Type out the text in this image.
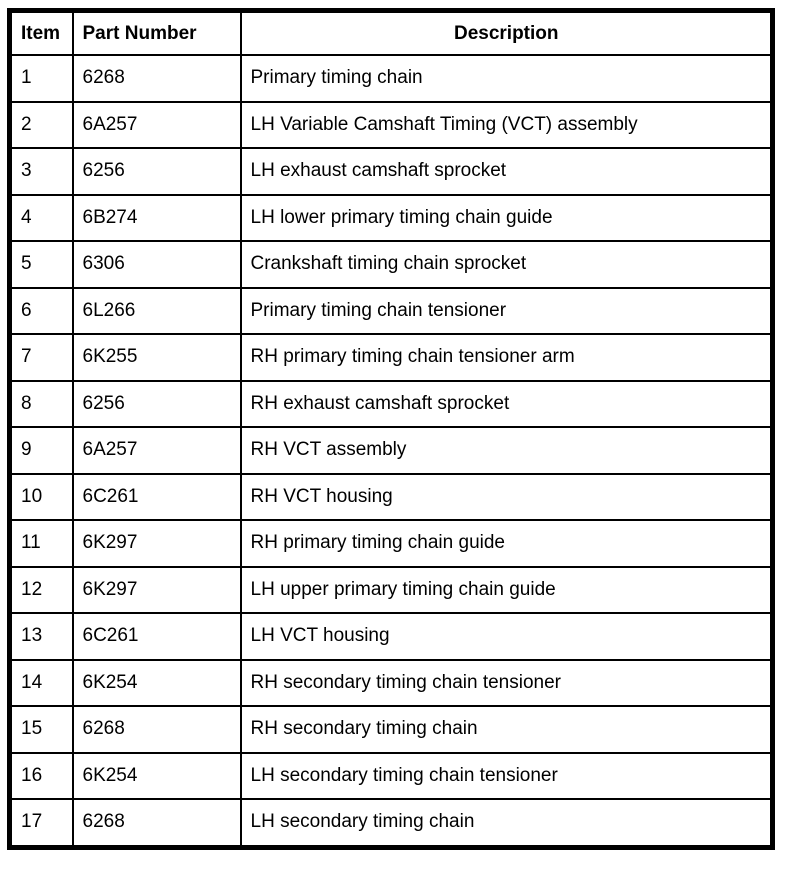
Item	Part Number	Description
1	6268	Primary timing chain
2	6A257	LH Variable Camshaft Timing (VCT) assembly
3	6256	LH exhaust camshaft sprocket
4	6B274	LH lower primary timing chain guide
5	6306	Crankshaft timing chain sprocket
6	6L266	Primary timing chain tensioner
7	6K255	RH primary timing chain tensioner arm
8	6256	RH exhaust camshaft sprocket
9	6A257	RH VCT assembly
10	6C261	RH VCT housing
11	6K297	RH primary timing chain guide
12	6K297	LH upper primary timing chain guide
13	6C261	LH VCT housing
14	6K254	RH secondary timing chain tensioner
15	6268	RH secondary timing chain
16	6K254	LH secondary timing chain tensioner
17	6268	LH secondary timing chain
